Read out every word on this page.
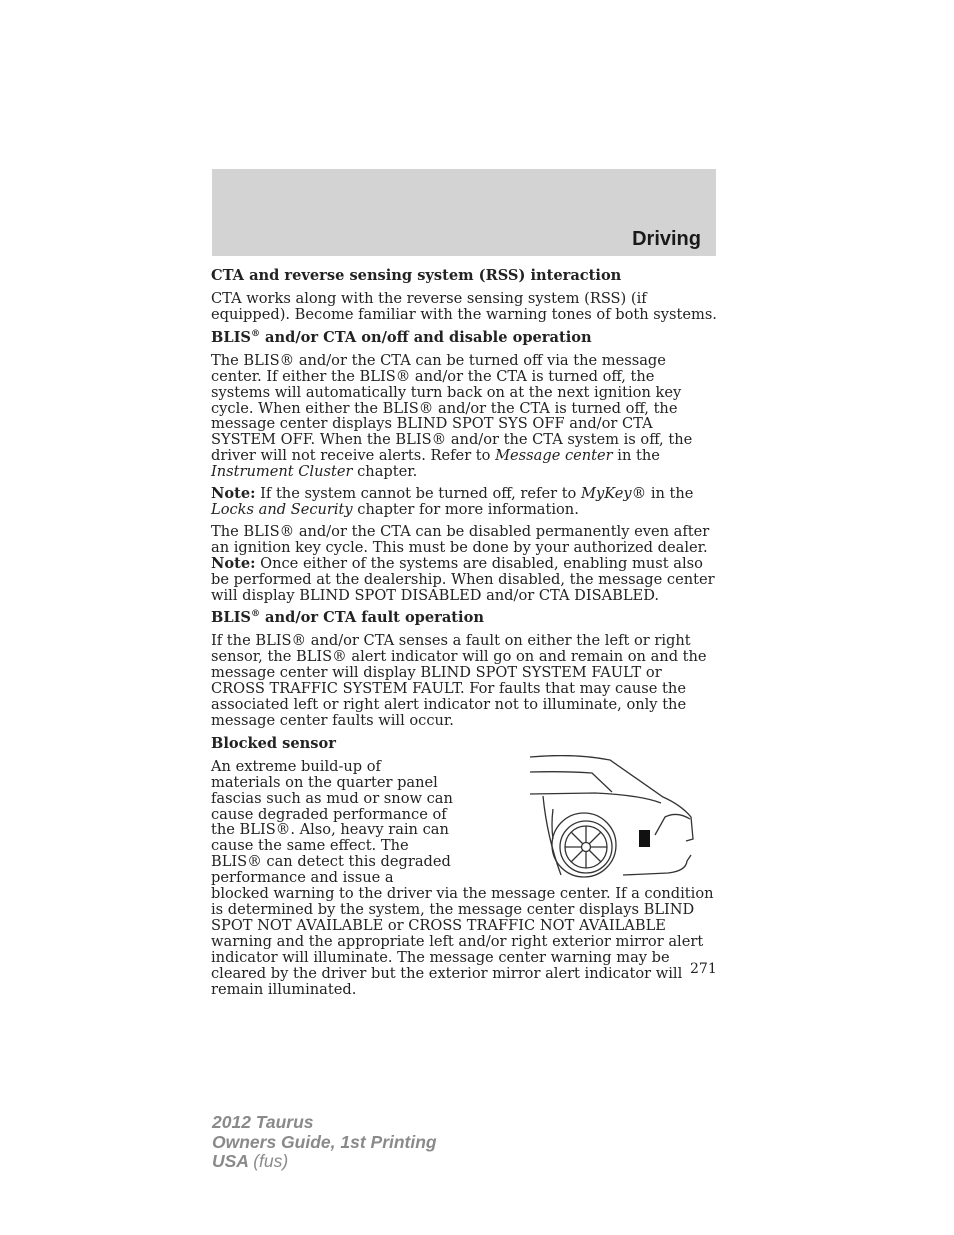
Driving
CTA and reverse sensing system (RSS) interaction

CTA works along with the reverse sensing system (RSS) (if equipped). Become familiar with the warning tones of both systems.

BLIS® and/or CTA on/off and disable operation

The BLIS® and/or the CTA can be turned off via the message center. If either the BLIS® and/or the CTA is turned off, the systems will automatically turn back on at the next ignition key cycle. When either the BLIS® and/or the CTA is turned off, the message center displays BLIND SPOT SYS OFF and/or CTA SYSTEM OFF. When the BLIS® and/or the CTA system is off, the driver will not receive alerts. Refer to Message center in the Instrument Cluster chapter.

Note: If the system cannot be turned off, refer to MyKey® in the Locks and Security chapter for more information.

The BLIS® and/or the CTA can be disabled permanently even after an ignition key cycle. This must be done by your authorized dealer. Note: Once either of the systems are disabled, enabling must also be performed at the dealership. When disabled, the message center will display BLIND SPOT DISABLED and/or CTA DISABLED.

BLIS® and/or CTA fault operation

If the BLIS® and/or CTA senses a fault on either the left or right sensor, the BLIS® alert indicator will go on and remain on and the message center will display BLIND SPOT SYSTEM FAULT or CROSS TRAFFIC SYSTEM FAULT. For faults that may cause the associated left or right alert indicator not to illuminate, only the message center faults will occur.

Blocked sensor

An extreme build-up of materials on the quarter panel fascias such as mud or snow can cause degraded performance of the BLIS®. Also, heavy rain can cause the same effect. The BLIS® can detect this degraded performance and issue a blocked warning to the driver via the message center. If a condition is determined by the system, the message center displays BLIND SPOT NOT AVAILABLE or CROSS TRAFFIC NOT AVAILABLE warning and the appropriate left and/or right exterior mirror alert indicator will illuminate. The message center warning may be cleared by the driver but the exterior mirror alert indicator will remain illuminated.

271
2012 Taurus
Owners Guide, 1st Printing
USA (fus)
